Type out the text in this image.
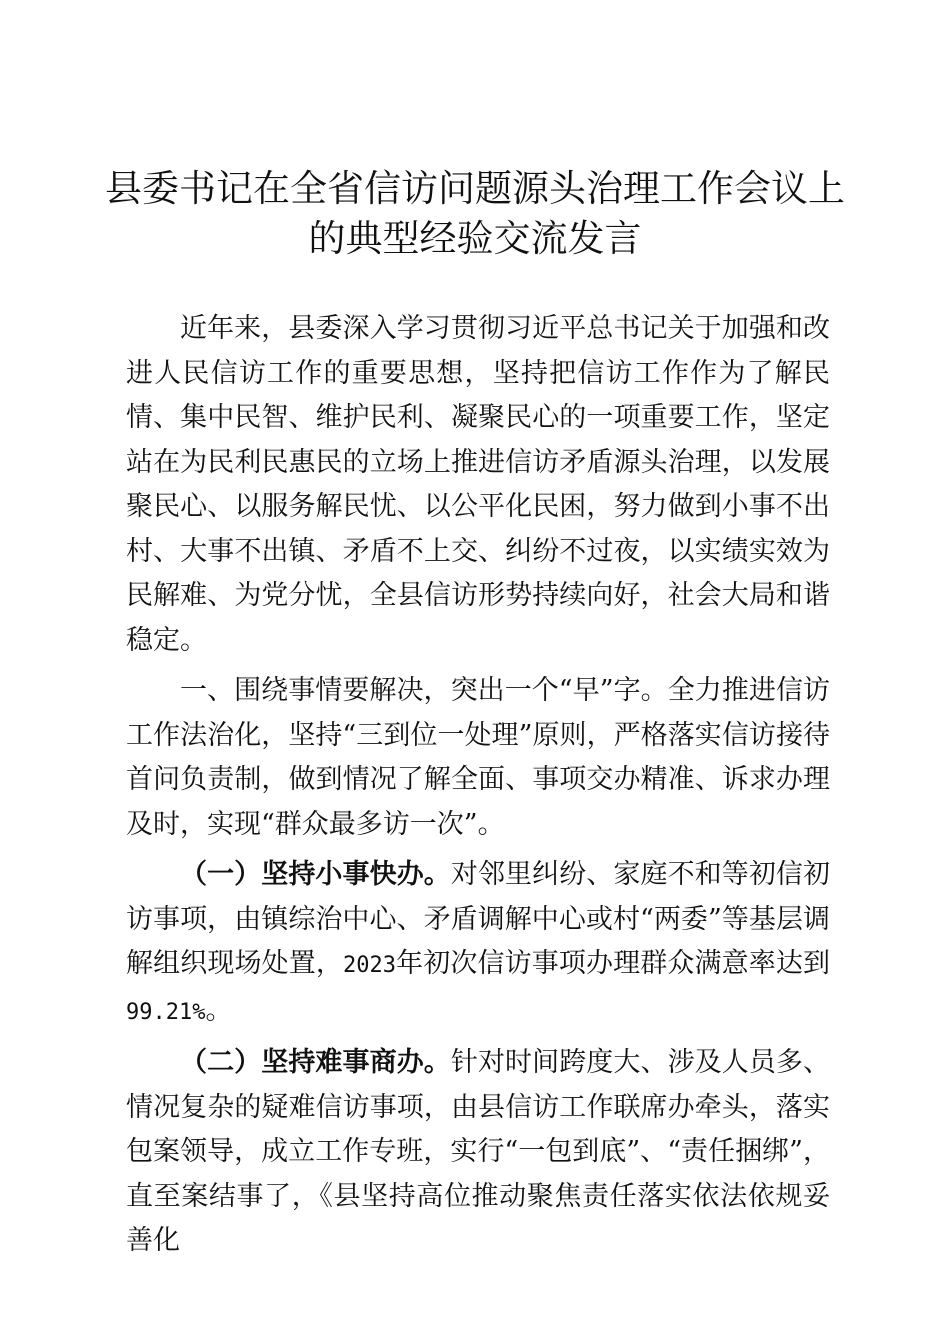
县委书记在全省信访问题源头治理工作会议上
的典型经验交流发言

近年来，县委深入学习贯彻习近平总书记关于加强和改进人民信访工作的重要思想，坚持把信访工作作为了解民情、集中民智、维护民利、凝聚民心的一项重要工作，坚定站在为民利民惠民的立场上推进信访矛盾源头治理，以发展聚民心、以服务解民忧、以公平化民困，努力做到小事不出村、大事不出镇、矛盾不上交、纠纷不过夜，以实绩实效为民解难、为党分忧，全县信访形势持续向好，社会大局和谐稳定。

一、围绕事情要解决，突出一个“早”字。全力推进信访工作法治化，坚持“三到位一处理”原则，严格落实信访接待首问负责制，做到情况了解全面、事项交办精准、诉求办理及时，实现“群众最多访一次”。

（一）坚持小事快办。对邻里纠纷、家庭不和等初信初访事项，由镇综治中心、矛盾调解中心或村“两委”等基层调解组织现场处置，2023年初次信访事项办理群众满意率达到99.21%。

（二）坚持难事商办。针对时间跨度大、涉及人员多、情况复杂的疑难信访事项，由县信访工作联席办牵头，落实包案领导，成立工作专班，实行“一包到底”、“责任捆绑”，直至案结事了，《县坚持高位推动聚焦责任落实依法依规妥善化
